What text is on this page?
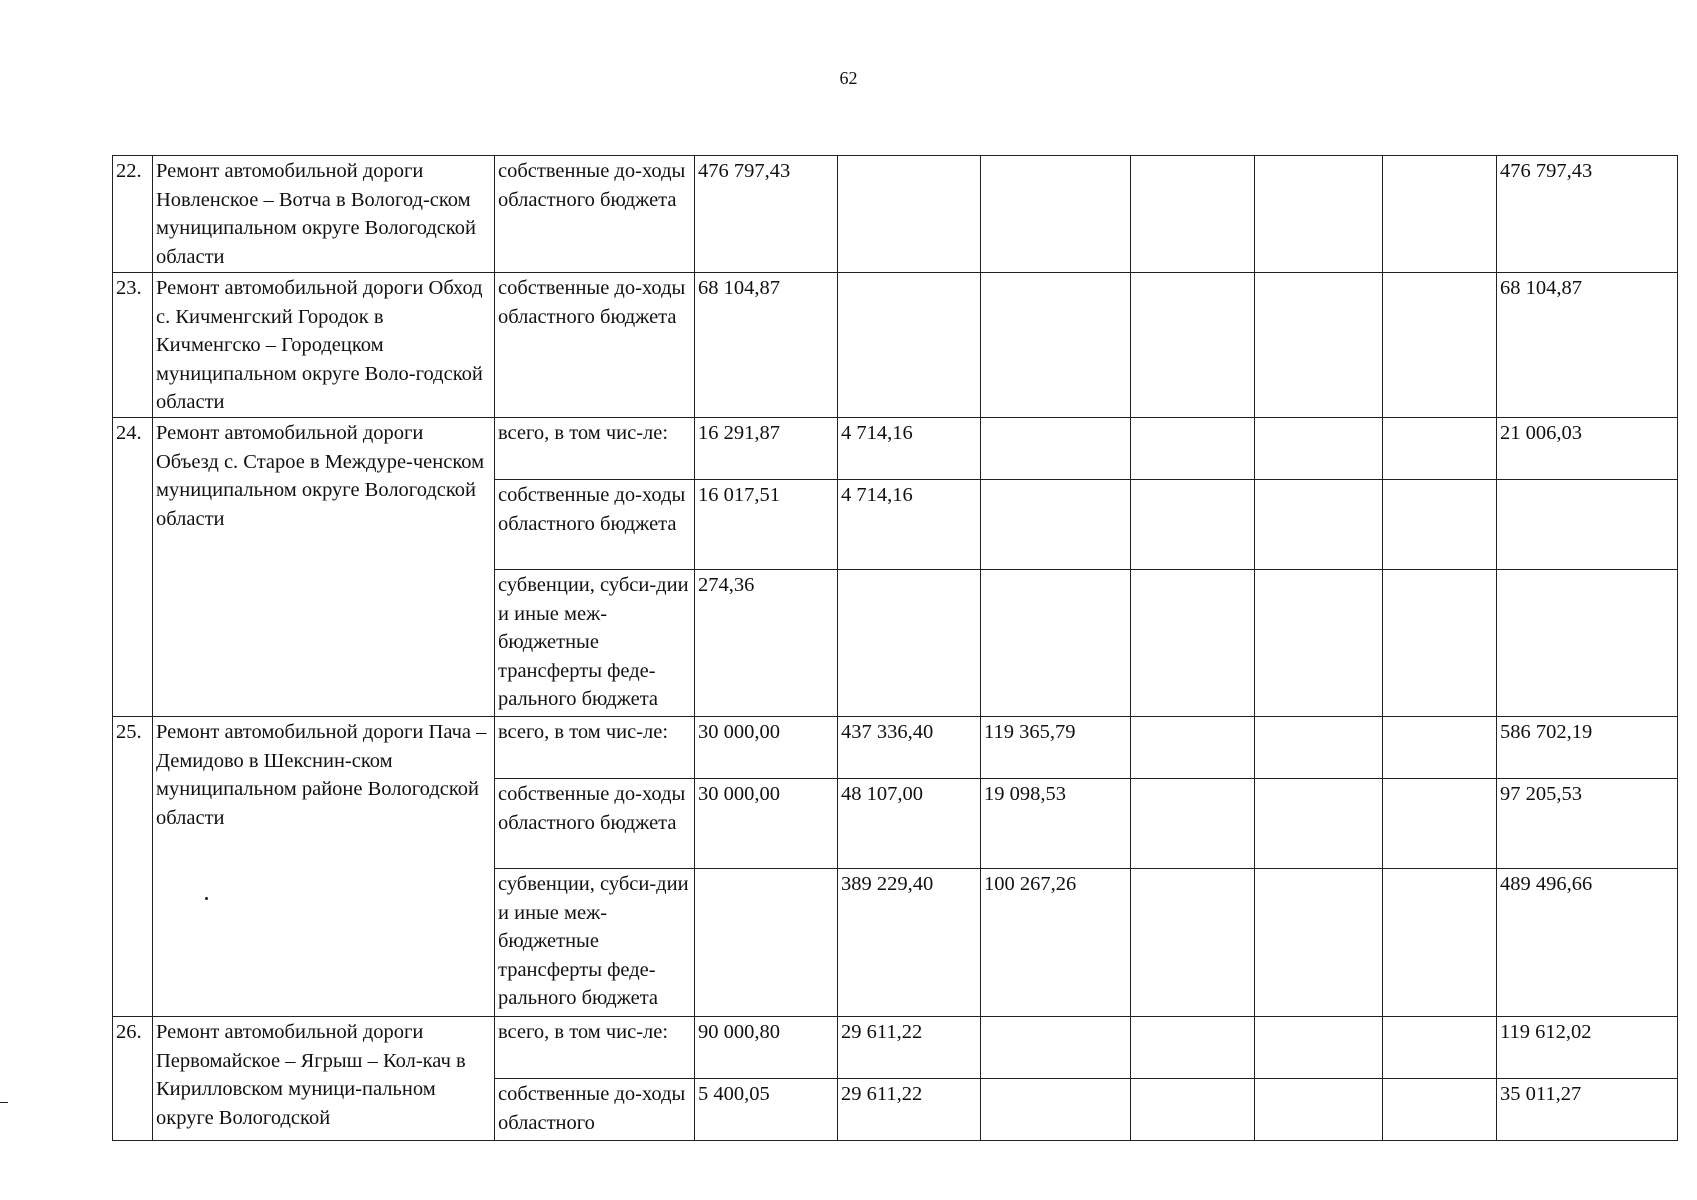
62
22.	Ремонт автомобильной дороги Новленское – Вотча в Вологод-ском муниципальном округе Вологодской области	собственные до-ходы областного бюджета	476 797,43						476 797,43
23.	Ремонт автомобильной дороги Обход с. Кичменгский Городок в Кичменгско – Городецком муниципальном округе Воло-годской области	собственные до-ходы областного бюджета	68 104,87						68 104,87
24.	Ремонт автомобильной дороги Объезд с. Старое в Междуре-ченском муниципальном округе Вологодской области	всего, в том чис-ле:	16 291,87	4 714,16					21 006,03
		собственные до-ходы областного бюджета	16 017,51	4 714,16					
		субвенции, субси-дии и иные меж-бюджетные трансферты феде-рального бюджета	274,36						
25.	Ремонт автомобильной дороги Пача – Демидово в Шекснин-ском муниципальном районе Вологодской области	всего, в том чис-ле:	30 000,00	437 336,40	119 365,79				586 702,19
		собственные до-ходы областного бюджета	30 000,00	48 107,00	19 098,53				97 205,53
		субвенции, субси-дии и иные меж-бюджетные трансферты феде-рального бюджета		389 229,40	100 267,26				489 496,66
26.	Ремонт автомобильной дороги Первомайское – Ягрыш – Кол-кач в Кирилловском муници-пальном округе Вологодской	всего, в том чис-ле:	90 000,80	29 611,22					119 612,02
		собственные до-ходы областного	5 400,05	29 611,22					35 011,27
